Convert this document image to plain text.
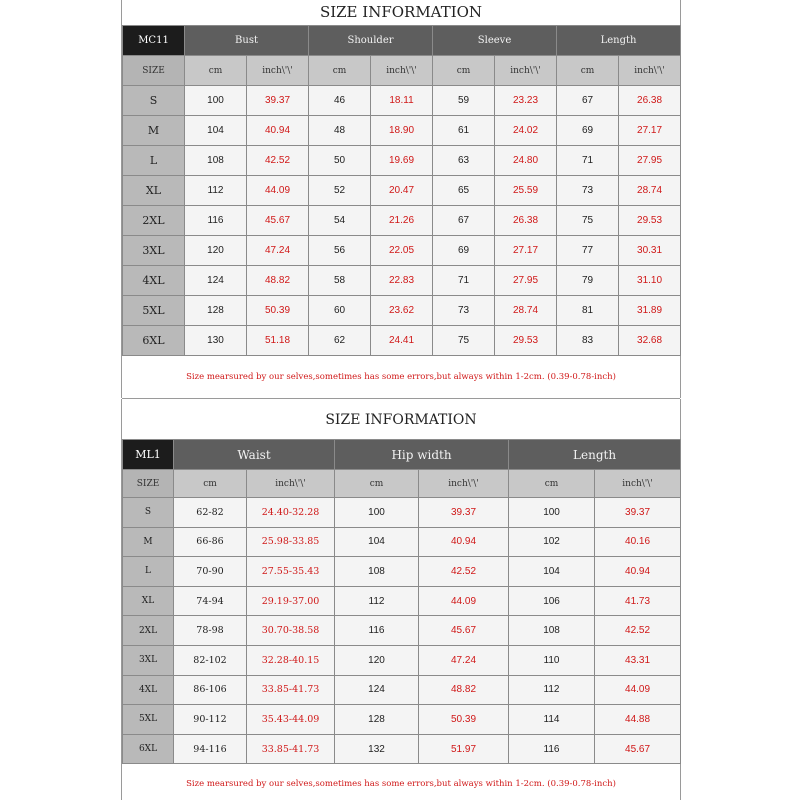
SIZE INFORMATION
MC11	Bust		Shoulder		Sleeve		Length	
SIZE	cm	inch\'\'	cm	inch\'\'	cm	inch\'\'	cm	inch\'\'
S	100	39.37	46	18.11	59	23.23	67	26.38
M	104	40.94	48	18.90	61	24.02	69	27.17
L	108	42.52	50	19.69	63	24.80	71	27.95
XL	112	44.09	52	20.47	65	25.59	73	28.74
2XL	116	45.67	54	21.26	67	26.38	75	29.53
3XL	120	47.24	56	22.05	69	27.17	77	30.31
4XL	124	48.82	58	22.83	71	27.95	79	31.10
5XL	128	50.39	60	23.62	73	28.74	81	31.89
6XL	130	51.18	62	24.41	75	29.53	83	32.68
Size mearsured by our selves,sometimes has some errors,but always within 1-2cm. (0.39-0.78-inch)
SIZE INFORMATION
ML1	Waist		Hip width		Length	
SIZE	cm	inch\'\'	cm	inch\'\'	cm	inch\'\'
S	62-82	24.40-32.28	100	39.37	100	39.37
M	66-86	25.98-33.85	104	40.94	102	40.16
L	70-90	27.55-35.43	108	42.52	104	40.94
XL	74-94	29.19-37.00	112	44.09	106	41.73
2XL	78-98	30.70-38.58	116	45.67	108	42.52
3XL	82-102	32.28-40.15	120	47.24	110	43.31
4XL	86-106	33.85-41.73	124	48.82	112	44.09
5XL	90-112	35.43-44.09	128	50.39	114	44.88
6XL	94-116	33.85-41.73	132	51.97	116	45.67
Size mearsured by our selves,sometimes has some errors,but always within 1-2cm. (0.39-0.78-inch)
